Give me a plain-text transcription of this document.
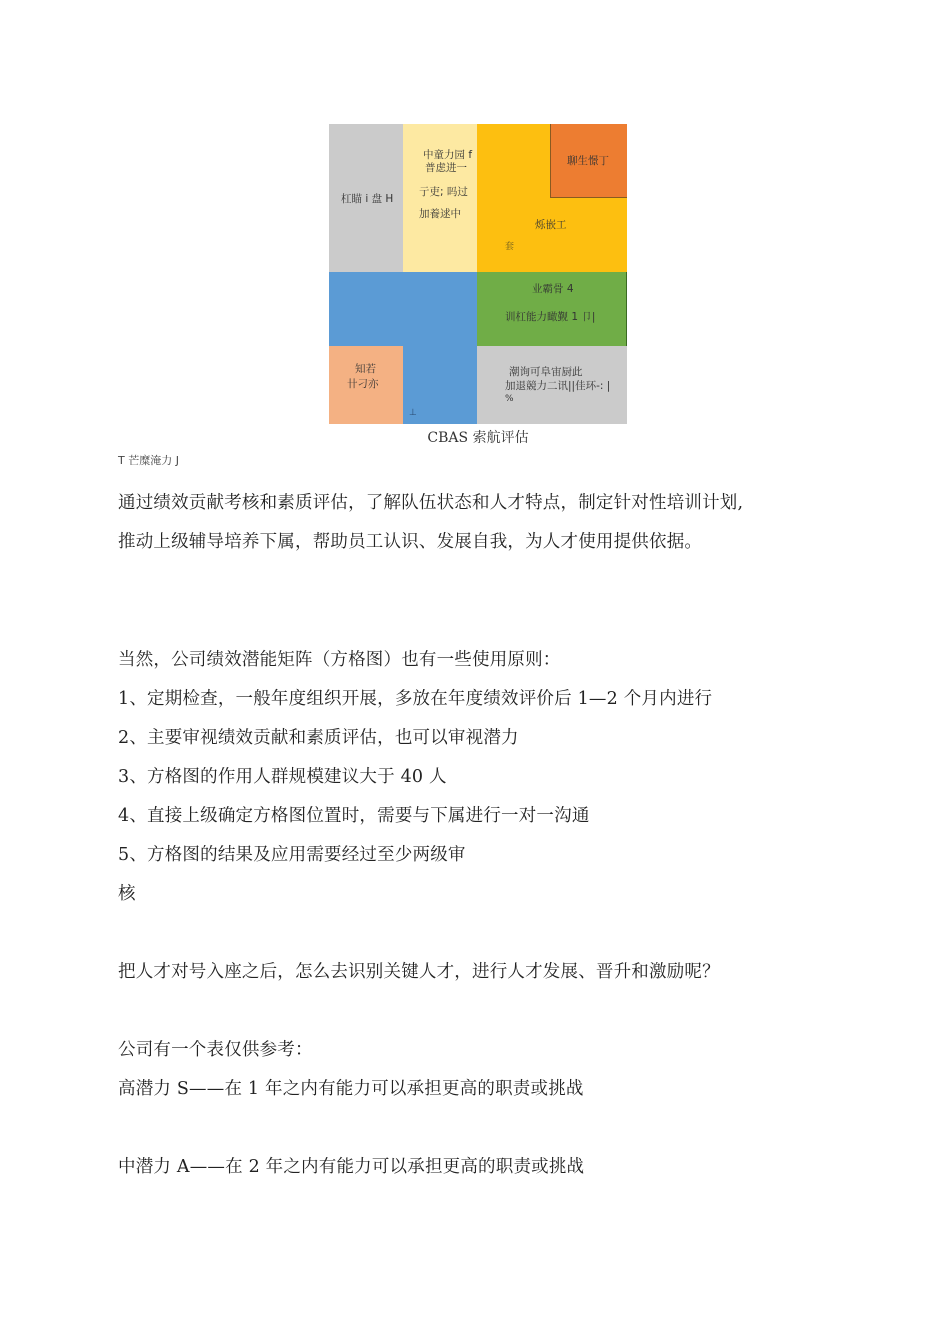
杠瞄 i 盘 H
中童力园 f
普虑进一
亍吏; 吗过
加養逑中
烁嵌工
套
聊生憬丁
⊥
业霸骨 4
训杠能力瞰觐 1 卩|
知若
卄刁亦
潮询可阜宙厨此
加退競力二讯||佳环-: |
%
CBAS 索航评估
T 芒糜淹力 J
通过绩效贡献考核和素质评估，了解队伍状态和人才特点，制定针对性培训计划,
推动上级辅导培养下属，帮助员工认识、发展自我，为人才使用提供依据。
当然，公司绩效潜能矩阵（方格图）也有一些使用原则：
1、定期检查，一般年度组织开展，多放在年度绩效评价后 1—2 个月内进行
2、主要审视绩效贡献和素质评估，也可以审视潜力
3、方格图的作用人群规模建议大于 40 人
4、直接上级确定方格图位置时，需要与下属进行一对一沟通
5、方格图的结果及应用需要经过至少两级审
核
把人才对号入座之后，怎么去识别关键人才，进行人才发展、晋升和激励呢？
公司有一个表仅供参考：
高潜力 S——在 1 年之内有能力可以承担更高的职责或挑战
中潜力 A——在 2 年之内有能力可以承担更高的职责或挑战
